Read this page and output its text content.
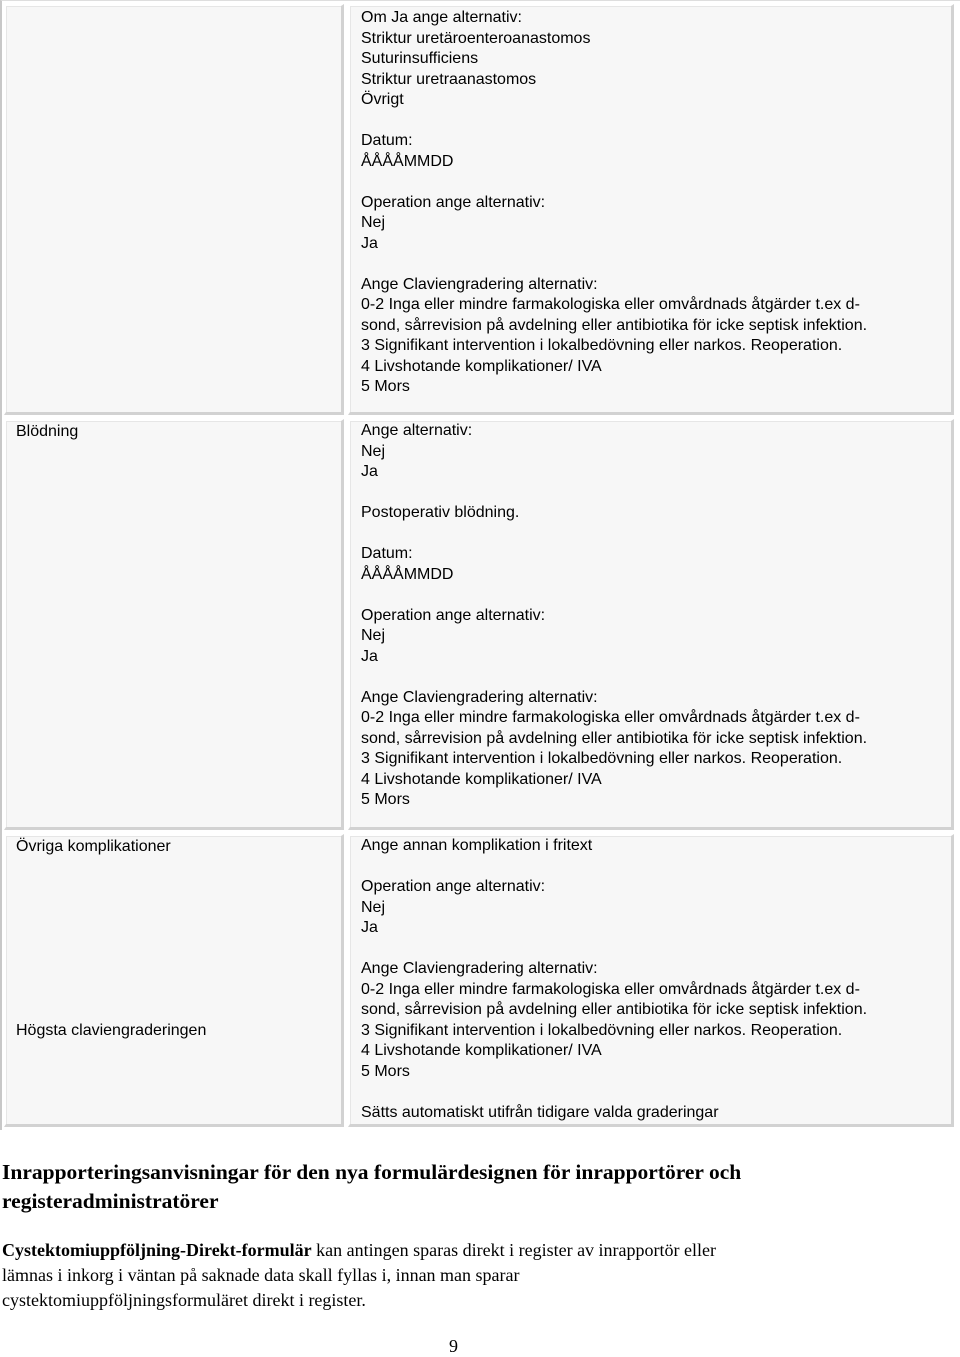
Om Ja ange alternativ:
Striktur uretäroenteroanastomos
Suturinsufficiens
Striktur uretraanastomos
Övrigt
Datum:
ÅÅÅÅMMDD
Operation ange alternativ:
Nej
Ja
Ange Claviengradering alternativ:
0-2 Inga eller mindre farmakologiska eller omvårdnads åtgärder t.ex d-
sond, sårrevision på avdelning eller antibiotika för icke septisk infektion.
3 Signifikant intervention i lokalbedövning eller narkos. Reoperation.
4 Livshotande komplikationer/ IVA
5 Mors
Blödning	Ange alternativ:
Nej
Ja
Postoperativ blödning.
Datum:
ÅÅÅÅMMDD
Operation ange alternativ:
Nej
Ja
Ange Claviengradering alternativ:
0-2 Inga eller mindre farmakologiska eller omvårdnads åtgärder t.ex d-
sond, sårrevision på avdelning eller antibiotika för icke septisk infektion.
3 Signifikant intervention i lokalbedövning eller narkos. Reoperation.
4 Livshotande komplikationer/ IVA
5 Mors
Övriga komplikationer
Högsta claviengraderingen
Ange annan komplikation i fritext
Operation ange alternativ:
Nej
Ja
Ange Claviengradering alternativ:
0-2 Inga eller mindre farmakologiska eller omvårdnads åtgärder t.ex d-
sond, sårrevision på avdelning eller antibiotika för icke septisk infektion.
3 Signifikant intervention i lokalbedövning eller narkos. Reoperation.
4 Livshotande komplikationer/ IVA
5 Mors
Sätts automatiskt utifrån tidigare valda graderingar
Inrapporteringsanvisningar för den nya formulärdesignen för inrapportörer och
registeradministratörer
Cystektomiuppföljning-Direkt-formulär kan antingen sparas direkt i register av inrapportör eller
lämnas i inkorg i väntan på saknade data skall fyllas i, innan man sparar
cystektomiuppföljningsformuläret direkt i register.
9
